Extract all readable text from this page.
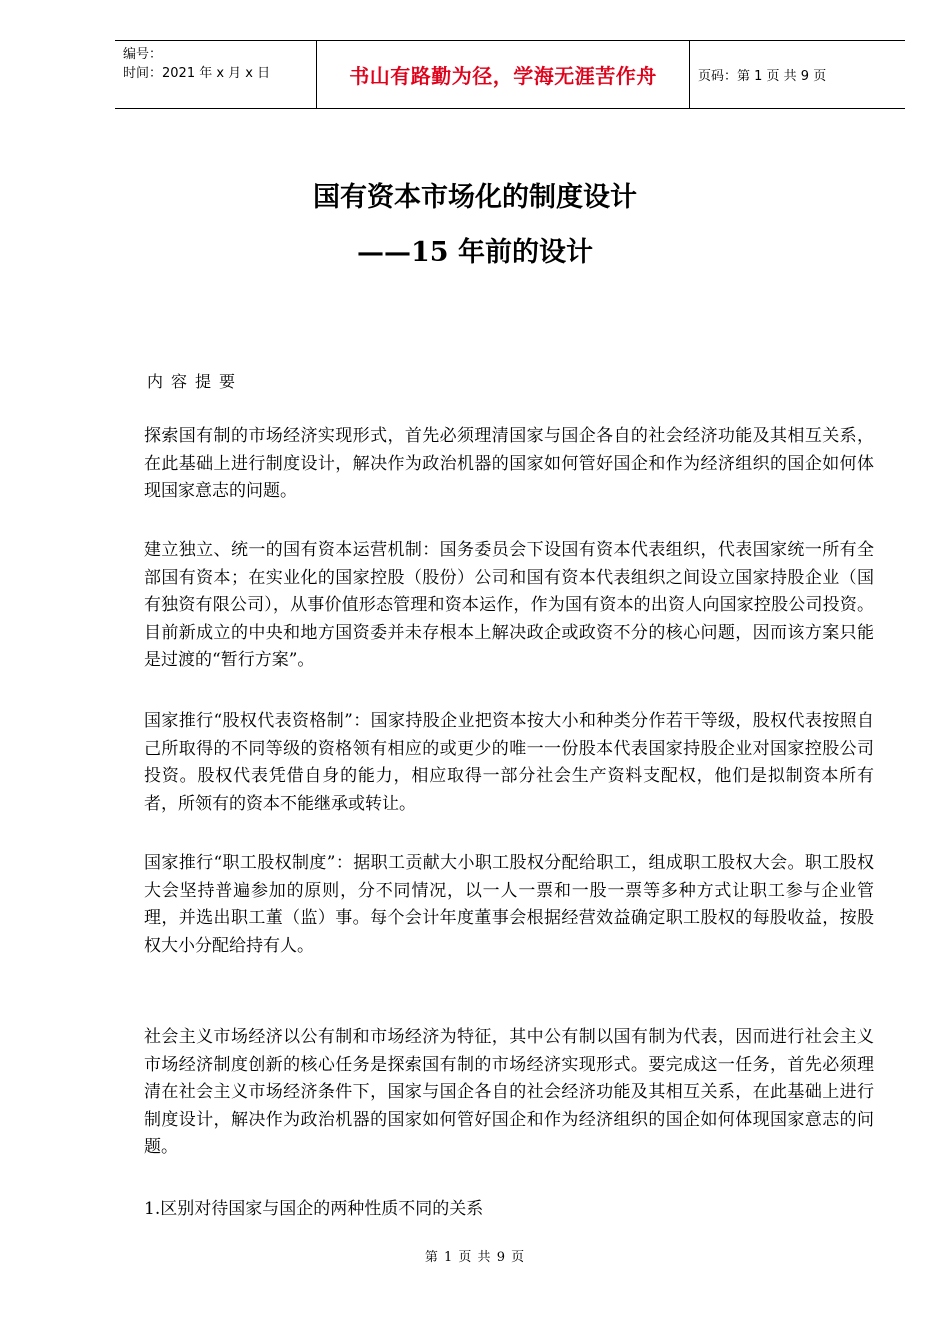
编号：
时间：2021 年 x 月 x 日	书山有路勤为径，学海无涯苦作舟	页码：第 1 页 共 9 页
国有资本市场化的制度设计
——15 年前的设计
内容提要

探索国有制的市场经济实现形式，首先必须理清国家与国企各自的社会经济功能及其相互关系，在此基础上进行制度设计，解决作为政治机器的国家如何管好国企和作为经济组织的国企如何体现国家意志的问题。

建立独立、统一的国有资本运营机制：国务委员会下设国有资本代表组织，代表国家统一所有全部国有资本；在实业化的国家控股（股份）公司和国有资本代表组织之间设立国家持股企业（国有独资有限公司），从事价值形态管理和资本运作，作为国有资本的出资人向国家控股公司投资。目前新成立的中央和地方国资委并未存根本上解决政企或政资不分的核心问题，因而该方案只能是过渡的“暂行方案”。

国家推行“股权代表资格制”：国家持股企业把资本按大小和种类分作若干等级，股权代表按照自己所取得的不同等级的资格领有相应的或更少的唯一一份股本代表国家持股企业对国家控股公司投资。股权代表凭借自身的能力，相应取得一部分社会生产资料支配权，他们是拟制资本所有者，所领有的资本不能继承或转让。

国家推行“职工股权制度”：据职工贡献大小职工股权分配给职工，组成职工股权大会。职工股权大会坚持普遍参加的原则，分不同情况，以一人一票和一股一票等多种方式让职工参与企业管理，并选出职工董（监）事。每个会计年度董事会根据经营效益确定职工股权的每股收益，按股权大小分配给持有人。

社会主义市场经济以公有制和市场经济为特征，其中公有制以国有制为代表，因而进行社会主义市场经济制度创新的核心任务是探索国有制的市场经济实现形式。要完成这一任务，首先必须理清在社会主义市场经济条件下，国家与国企各自的社会经济功能及其相互关系，在此基础上进行制度设计，解决作为政治机器的国家如何管好国企和作为经济组织的国企如何体现国家意志的问题。

1.区别对待国家与国企的两种性质不同的关系

第 1 页 共 9 页
